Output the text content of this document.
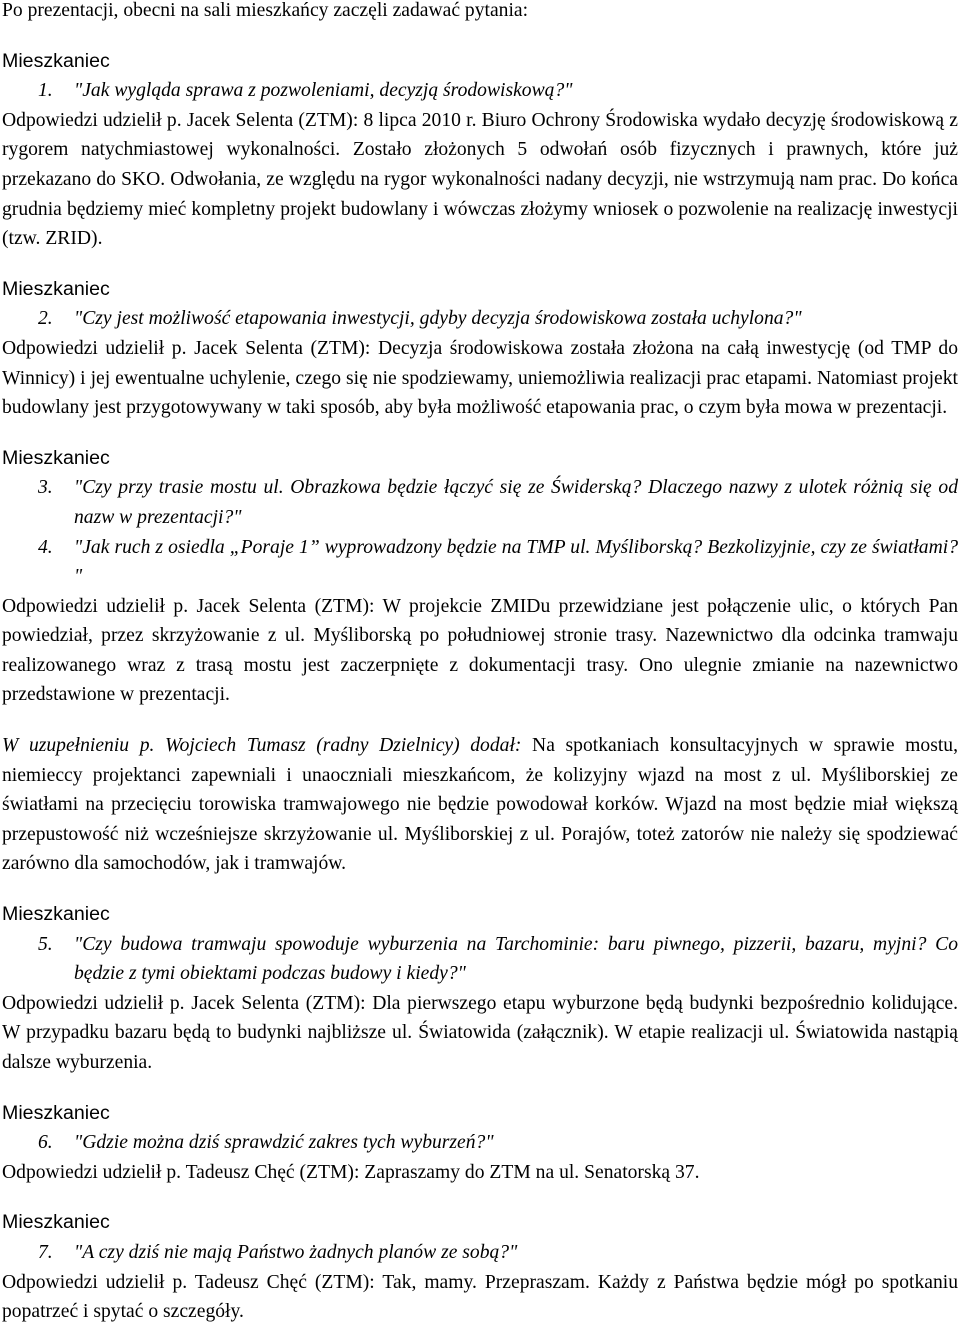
Po prezentacji, obecni na sali mieszkańcy zaczęli zadawać pytania:

Mieszkaniec
1.	"Jak wygląda sprawa z pozwoleniami, decyzją środowiskową?"

Odpowiedzi udzielił p. Jacek Selenta (ZTM): 8 lipca 2010 r. Biuro Ochrony Środowiska wydało decyzję środowiskową z rygorem natychmiastowej wykonalności. Zostało złożonych 5 odwołań osób fizycznych i prawnych, które już przekazano do SKO. Odwołania, ze względu na rygor wykonalności nadany decyzji, nie wstrzymują nam prac. Do końca grudnia będziemy mieć kompletny projekt budowlany i wówczas złożymy wniosek o pozwolenie na realizację inwestycji (tzw. ZRID).

Mieszkaniec
2.	"Czy jest możliwość etapowania inwestycji, gdyby decyzja środowiskowa została uchylona?"

Odpowiedzi udzielił p. Jacek Selenta (ZTM): Decyzja środowiskowa została złożona na całą inwestycję (od TMP do Winnicy) i jej ewentualne uchylenie, czego się nie spodziewamy, uniemożliwia realizacji prac etapami. Natomiast projekt budowlany jest przygotowywany w taki sposób, aby była możliwość etapowania prac, o czym była mowa w prezentacji.

Mieszkaniec
3.	"Czy przy trasie mostu ul. Obrazkowa będzie łączyć się ze Świderską? Dlaczego nazwy z ulotek różnią się od nazw w prezentacji?"
4.	"Jak ruch z osiedla „Poraje 1” wyprowadzony będzie na TMP ul. Myśliborską? Bezkolizyjnie, czy ze światłami? "

Odpowiedzi udzielił p. Jacek Selenta (ZTM): W projekcie ZMIDu przewidziane jest połączenie ulic, o których Pan powiedział, przez skrzyżowanie z ul. Myśliborską po południowej stronie trasy. Nazewnictwo dla odcinka tramwaju realizowanego wraz z trasą mostu jest zaczerpnięte z dokumentacji trasy. Ono ulegnie zmianie na nazewnictwo przedstawione w prezentacji.

W uzupełnieniu p. Wojciech Tumasz (radny Dzielnicy) dodał: Na spotkaniach konsultacyjnych w sprawie mostu, niemieccy projektanci zapewniali i unaoczniali mieszkańcom, że kolizyjny wjazd na most z ul. Myśliborskiej ze światłami na przecięciu torowiska tramwajowego nie będzie powodował korków. Wjazd na most będzie miał większą przepustowość niż wcześniejsze skrzyżowanie ul. Myśliborskiej z ul. Porajów, toteż zatorów nie należy się spodziewać zarówno dla samochodów, jak i tramwajów.

Mieszkaniec
5.	"Czy budowa tramwaju spowoduje wyburzenia na Tarchominie: baru piwnego, pizzerii, bazaru, myjni? Co będzie z tymi obiektami podczas budowy i kiedy?"

Odpowiedzi udzielił p. Jacek Selenta (ZTM): Dla pierwszego etapu wyburzone będą budynki bezpośrednio kolidujące. W przypadku bazaru będą to budynki najbliższe ul. Światowida (załącznik). W etapie realizacji ul. Światowida nastąpią dalsze wyburzenia.

Mieszkaniec
6.	"Gdzie można dziś sprawdzić zakres tych wyburzeń?"

Odpowiedzi udzielił p. Tadeusz Chęć (ZTM): Zapraszamy do ZTM na ul. Senatorską 37.

Mieszkaniec
7.	"A czy dziś nie mają Państwo żadnych planów ze sobą?"

Odpowiedzi udzielił p. Tadeusz Chęć (ZTM): Tak, mamy. Przepraszam. Każdy z Państwa będzie mógł po spotkaniu popatrzeć i spytać o szczegóły.
